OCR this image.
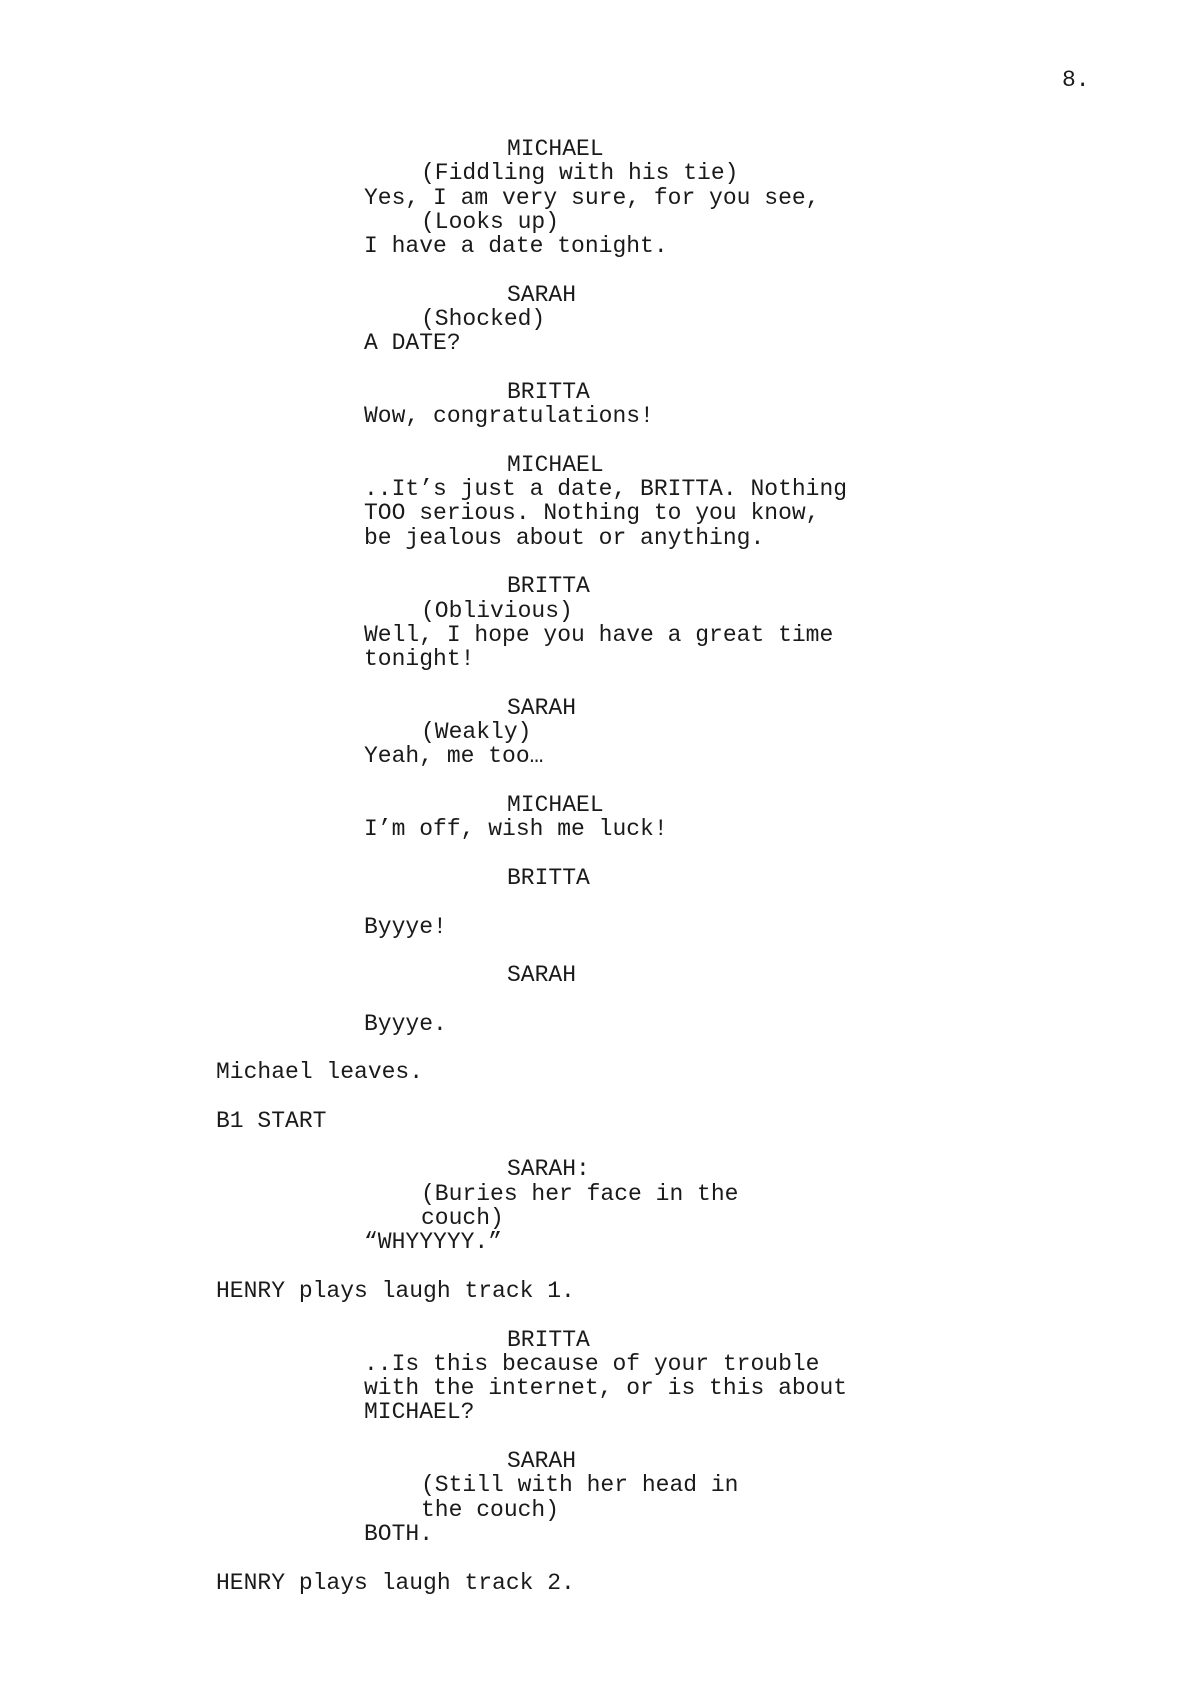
8.
MICHAEL
(Fiddling with his tie)
Yes, I am very sure, for you see,
(Looks up)
I have a date tonight.
SARAH
(Shocked)
A DATE?
BRITTA
Wow, congratulations!
MICHAEL
..It’s just a date, BRITTA. Nothing
TOO serious. Nothing to you know,
be jealous about or anything.
BRITTA
(Oblivious)
Well, I hope you have a great time
tonight!
SARAH
(Weakly)
Yeah, me too…
MICHAEL
I’m off, wish me luck!
BRITTA
Byyye!
SARAH
Byyye.
Michael leaves.
B1 START
SARAH:
(Buries her face in the
couch)
“WHYYYYY.”
HENRY plays laugh track 1.
BRITTA
..Is this because of your trouble
with the internet, or is this about
MICHAEL?
SARAH
(Still with her head in
the couch)
BOTH.
HENRY plays laugh track 2.
